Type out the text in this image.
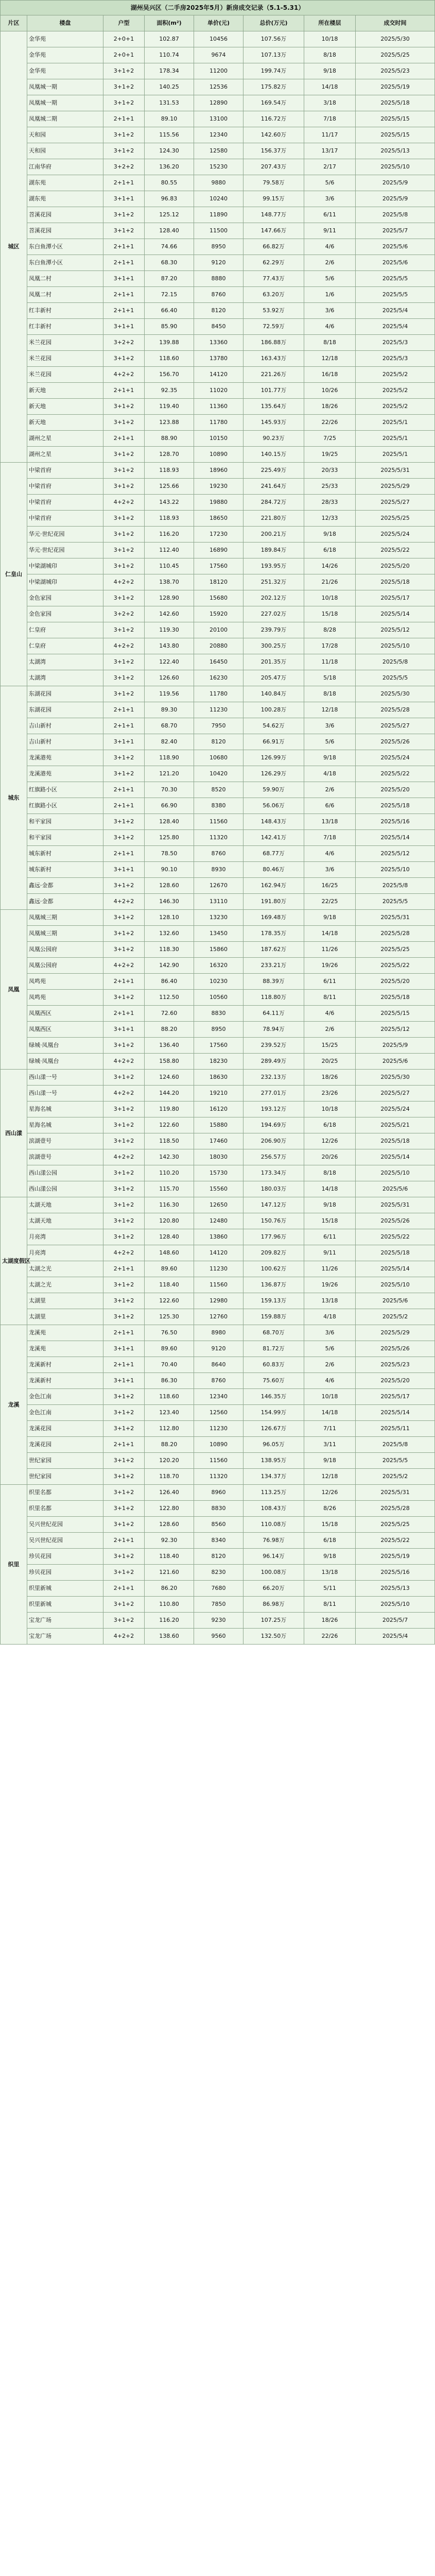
湖州吴兴区（二手房2025年5月）新房成交记录（5.1-5.31）							
片区	楼盘	户型	面积(m²)	单价(元)	总价(万元)	所在楼层	成交时间
城区	金华苑	2+0+1	102.87	10456	107.56万	10/18	2025/5/30
	金华苑	2+0+1	110.74	9674	107.13万	8/18	2025/5/25
	金华苑	3+1+2	178.34	11200	199.74万	9/18	2025/5/23
	凤凰城一期	3+1+2	140.25	12536	175.82万	14/18	2025/5/19
	凤凰城一期	3+1+2	131.53	12890	169.54万	3/18	2025/5/18
	凤凰城二期	2+1+1	89.10	13100	116.72万	7/18	2025/5/15
	天和园	3+1+2	115.56	12340	142.60万	11/17	2025/5/15
	天和园	3+1+2	124.30	12580	156.37万	13/17	2025/5/13
	江南华府	3+2+2	136.20	15230	207.43万	2/17	2025/5/10
	湖东苑	2+1+1	80.55	9880	79.58万	5/6	2025/5/9
	湖东苑	3+1+1	96.83	10240	99.15万	3/6	2025/5/9
	苕溪花园	3+1+2	125.12	11890	148.77万	6/11	2025/5/8
	苕溪花园	3+1+2	128.40	11500	147.66万	9/11	2025/5/7
	东白鱼潭小区	2+1+1	74.66	8950	66.82万	4/6	2025/5/6
	东白鱼潭小区	2+1+1	68.30	9120	62.29万	2/6	2025/5/6
	凤凰二村	3+1+1	87.20	8880	77.43万	5/6	2025/5/5
	凤凰二村	2+1+1	72.15	8760	63.20万	1/6	2025/5/5
	红丰新村	2+1+1	66.40	8120	53.92万	3/6	2025/5/4
	红丰新村	3+1+1	85.90	8450	72.59万	4/6	2025/5/4
	米兰花园	3+2+2	139.88	13360	186.88万	8/18	2025/5/3
	米兰花园	3+1+2	118.60	13780	163.43万	12/18	2025/5/3
	米兰花园	4+2+2	156.70	14120	221.26万	16/18	2025/5/2
	新天地	2+1+1	92.35	11020	101.77万	10/26	2025/5/2
	新天地	3+1+2	119.40	11360	135.64万	18/26	2025/5/2
	新天地	3+1+2	123.88	11780	145.93万	22/26	2025/5/1
	湖州之星	2+1+1	88.90	10150	90.23万	7/25	2025/5/1
	湖州之星	3+1+2	128.70	10890	140.15万	19/25	2025/5/1
仁皇山	中梁首府	3+1+2	118.93	18960	225.49万	20/33	2025/5/31
	中梁首府	3+1+2	125.66	19230	241.64万	25/33	2025/5/29
	中梁首府	4+2+2	143.22	19880	284.72万	28/33	2025/5/27
	中梁首府	3+1+2	118.93	18650	221.80万	12/33	2025/5/25
	华元·世纪花园	3+1+2	116.20	17230	200.21万	9/18	2025/5/24
	华元·世纪花园	3+1+2	112.40	16890	189.84万	6/18	2025/5/22
	中梁湖城印	3+1+2	110.45	17560	193.95万	14/26	2025/5/20
	中梁湖城印	4+2+2	138.70	18120	251.32万	21/26	2025/5/18
	金色家园	3+1+2	128.90	15680	202.12万	10/18	2025/5/17
	金色家园	3+2+2	142.60	15920	227.02万	15/18	2025/5/14
	仁皇府	3+1+2	119.30	20100	239.79万	8/28	2025/5/12
	仁皇府	4+2+2	143.80	20880	300.25万	17/28	2025/5/10
	太湖湾	3+1+2	122.40	16450	201.35万	11/18	2025/5/8
	太湖湾	3+1+2	126.60	16230	205.47万	5/18	2025/5/5
城东	东湖花园	3+1+2	119.56	11780	140.84万	8/18	2025/5/30
	东湖花园	2+1+1	89.30	11230	100.28万	12/18	2025/5/28
	吉山新村	2+1+1	68.70	7950	54.62万	3/6	2025/5/27
	吉山新村	3+1+1	82.40	8120	66.91万	5/6	2025/5/26
	龙溪港苑	3+1+2	118.90	10680	126.99万	9/18	2025/5/24
	龙溪港苑	3+1+2	121.20	10420	126.29万	4/18	2025/5/22
	红旗路小区	2+1+1	70.30	8520	59.90万	2/6	2025/5/20
	红旗路小区	2+1+1	66.90	8380	56.06万	6/6	2025/5/18
	和平家园	3+1+2	128.40	11560	148.43万	13/18	2025/5/16
	和平家园	3+1+2	125.80	11320	142.41万	7/18	2025/5/14
	城东新村	2+1+1	78.50	8760	68.77万	4/6	2025/5/12
	城东新村	3+1+1	90.10	8930	80.46万	3/6	2025/5/10
	鑫远·金都	3+1+2	128.60	12670	162.94万	16/25	2025/5/8
	鑫远·金都	4+2+2	146.30	13110	191.80万	22/25	2025/5/5
凤凰	凤凰城三期	3+1+2	128.10	13230	169.48万	9/18	2025/5/31
	凤凰城三期	3+1+2	132.60	13450	178.35万	14/18	2025/5/28
	凤凰公园府	3+1+2	118.30	15860	187.62万	11/26	2025/5/25
	凤凰公园府	4+2+2	142.90	16320	233.21万	19/26	2025/5/22
	凤鸣苑	2+1+1	86.40	10230	88.39万	6/11	2025/5/20
	凤鸣苑	3+1+2	112.50	10560	118.80万	8/11	2025/5/18
	凤凰西区	2+1+1	72.60	8830	64.11万	4/6	2025/5/15
	凤凰西区	3+1+1	88.20	8950	78.94万	2/6	2025/5/12
	绿城·凤凰台	3+1+2	136.40	17560	239.52万	15/25	2025/5/9
	绿城·凤凰台	4+2+2	158.80	18230	289.49万	20/25	2025/5/6
西山漾	西山漾一号	3+1+2	124.60	18630	232.13万	18/26	2025/5/30
	西山漾一号	4+2+2	144.20	19210	277.01万	23/26	2025/5/27
	星海名城	3+1+2	119.80	16120	193.12万	10/18	2025/5/24
	星海名城	3+1+2	122.60	15880	194.69万	6/18	2025/5/21
	滨湖壹号	3+1+2	118.50	17460	206.90万	12/26	2025/5/18
	滨湖壹号	4+2+2	142.30	18030	256.57万	20/26	2025/5/14
	西山漾公园	3+1+2	110.20	15730	173.34万	8/18	2025/5/10
	西山漾公园	3+1+2	115.70	15560	180.03万	14/18	2025/5/6
太湖度假区	太湖天地	3+1+2	116.30	12650	147.12万	9/18	2025/5/31
	太湖天地	3+1+2	120.80	12480	150.76万	15/18	2025/5/26
	月亮湾	3+1+2	128.40	13860	177.96万	6/11	2025/5/22
	月亮湾	4+2+2	148.60	14120	209.82万	9/11	2025/5/18
	太湖之光	2+1+1	89.60	11230	100.62万	11/26	2025/5/14
	太湖之光	3+1+2	118.40	11560	136.87万	19/26	2025/5/10
	太湖里	3+1+2	122.60	12980	159.13万	13/18	2025/5/6
	太湖里	3+1+2	125.30	12760	159.88万	4/18	2025/5/2
龙溪	龙溪苑	2+1+1	76.50	8980	68.70万	3/6	2025/5/29
	龙溪苑	3+1+1	89.60	9120	81.72万	5/6	2025/5/26
	龙溪新村	2+1+1	70.40	8640	60.83万	2/6	2025/5/23
	龙溪新村	3+1+1	86.30	8760	75.60万	4/6	2025/5/20
	金色江南	3+1+2	118.60	12340	146.35万	10/18	2025/5/17
	金色江南	3+1+2	123.40	12560	154.99万	14/18	2025/5/14
	龙溪花园	3+1+2	112.80	11230	126.67万	7/11	2025/5/11
	龙溪花园	2+1+1	88.20	10890	96.05万	3/11	2025/5/8
	世纪家园	3+1+2	120.20	11560	138.95万	9/18	2025/5/5
	世纪家园	3+1+2	118.70	11320	134.37万	12/18	2025/5/2
织里	织里名都	3+1+2	126.40	8960	113.25万	12/26	2025/5/31
	织里名都	3+1+2	122.80	8830	108.43万	8/26	2025/5/28
	吴兴世纪花园	3+1+2	128.60	8560	110.08万	15/18	2025/5/25
	吴兴世纪花园	2+1+1	92.30	8340	76.98万	6/18	2025/5/22
	珍贝花园	3+1+2	118.40	8120	96.14万	9/18	2025/5/19
	珍贝花园	3+1+2	121.60	8230	100.08万	13/18	2025/5/16
	织里新城	2+1+1	86.20	7680	66.20万	5/11	2025/5/13
	织里新城	3+1+2	110.80	7850	86.98万	8/11	2025/5/10
	宝龙广场	3+1+2	116.20	9230	107.25万	18/26	2025/5/7
	宝龙广场	4+2+2	138.60	9560	132.50万	22/26	2025/5/4
